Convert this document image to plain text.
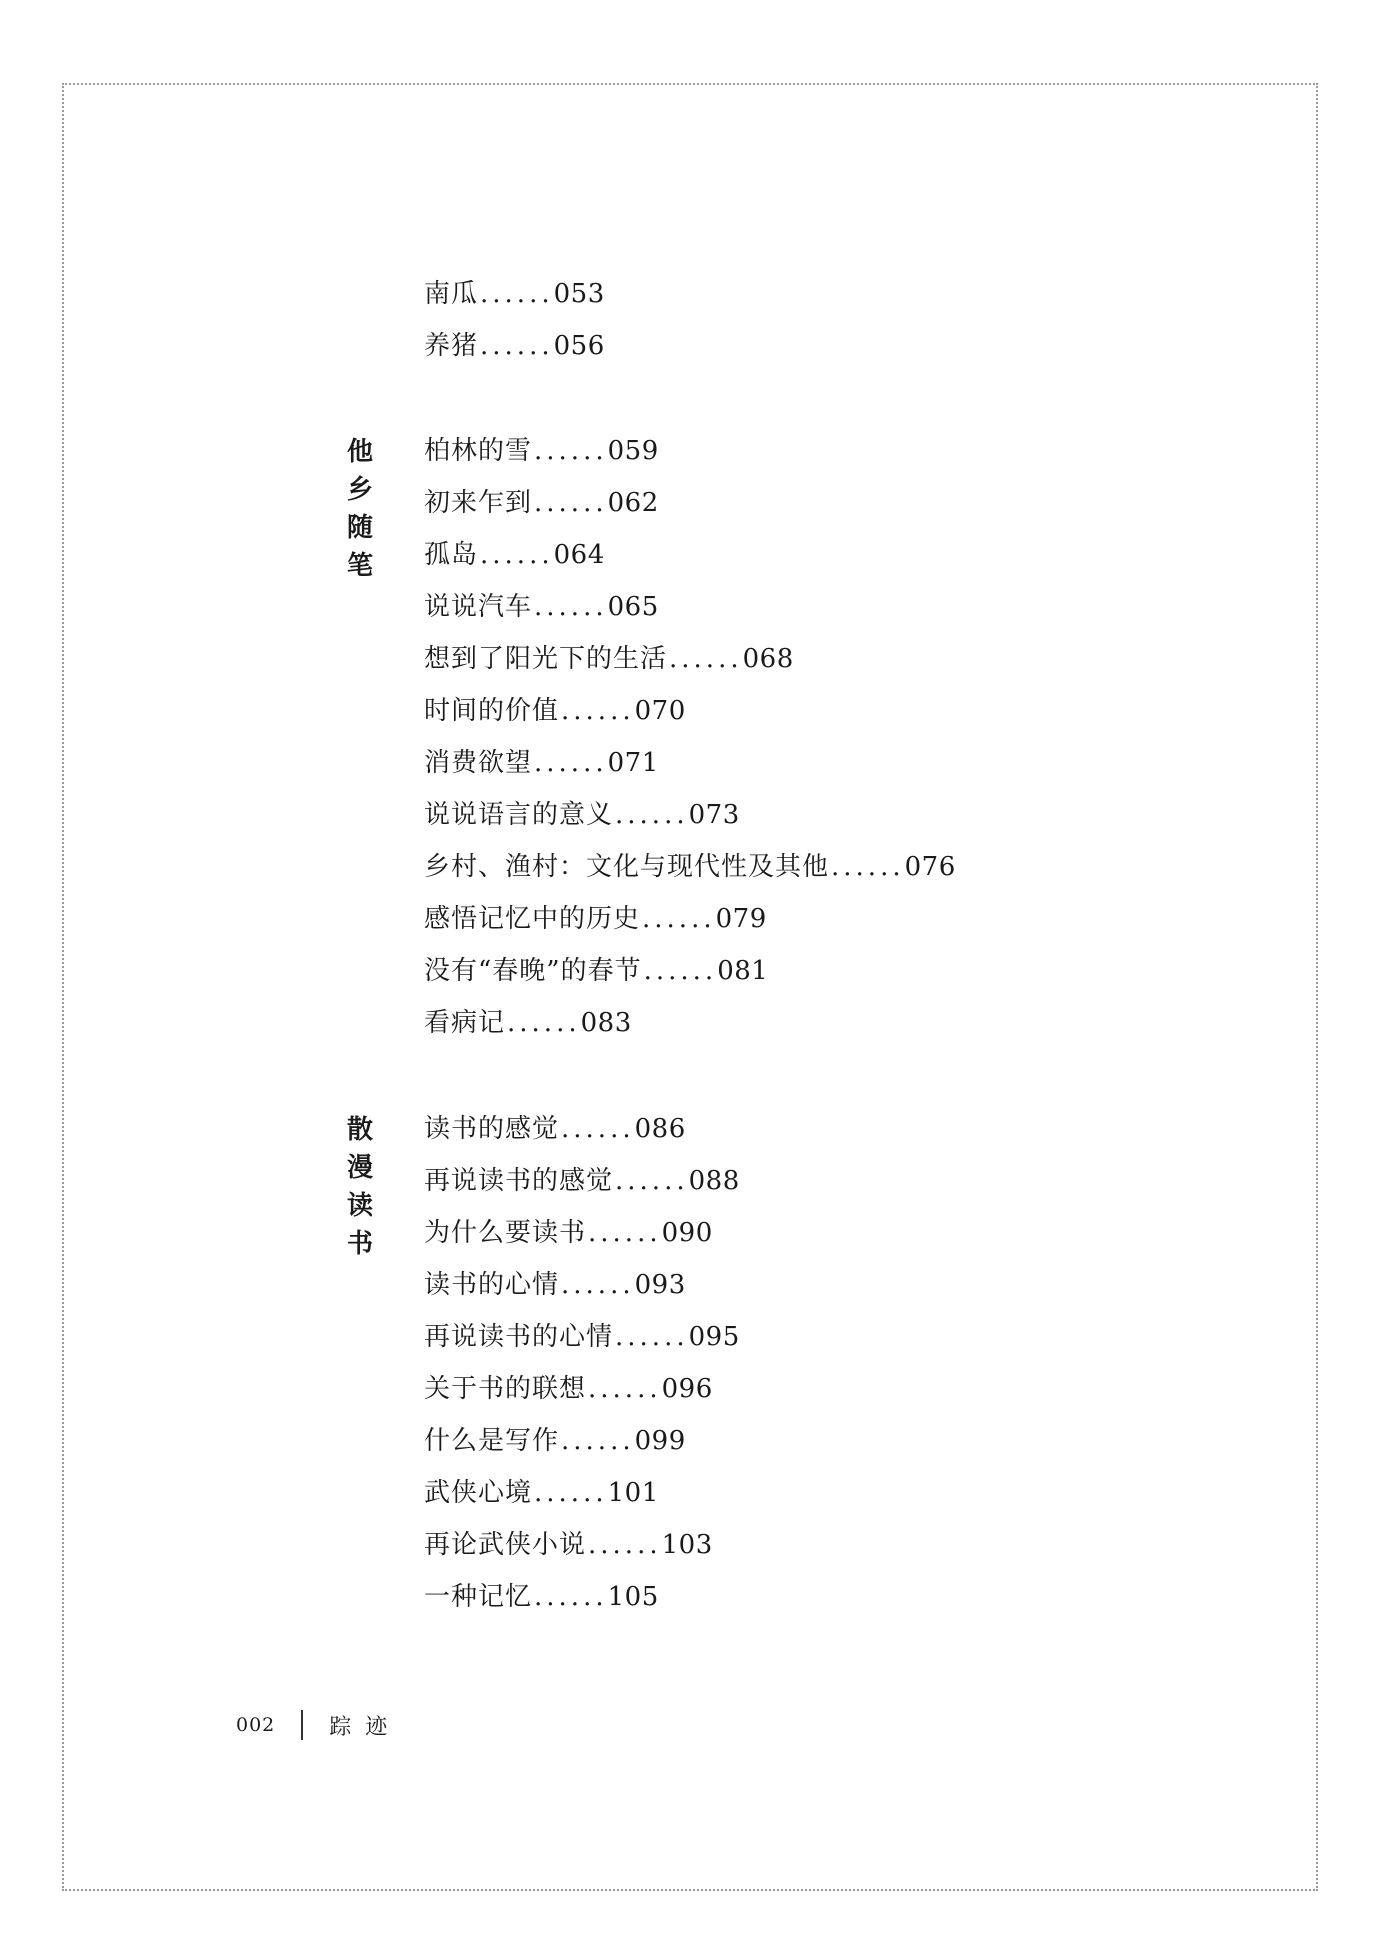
南瓜......053
养猪......056
他乡随笔
柏林的雪......059
初来乍到......062
孤岛......064
说说汽车......065
想到了阳光下的生活......068
时间的价值......070
消费欲望......071
说说语言的意义......073
乡村、渔村：文化与现代性及其他......076
感悟记忆中的历史......079
没有“春晚”的春节......081
看病记......083
散漫读书
读书的感觉......086
再说读书的感觉......088
为什么要读书......090
读书的心情......093
再说读书的心情......095
关于书的联想......096
什么是写作......099
武侠心境......101
再论武侠小说......103
一种记忆......105
002 踪迹
